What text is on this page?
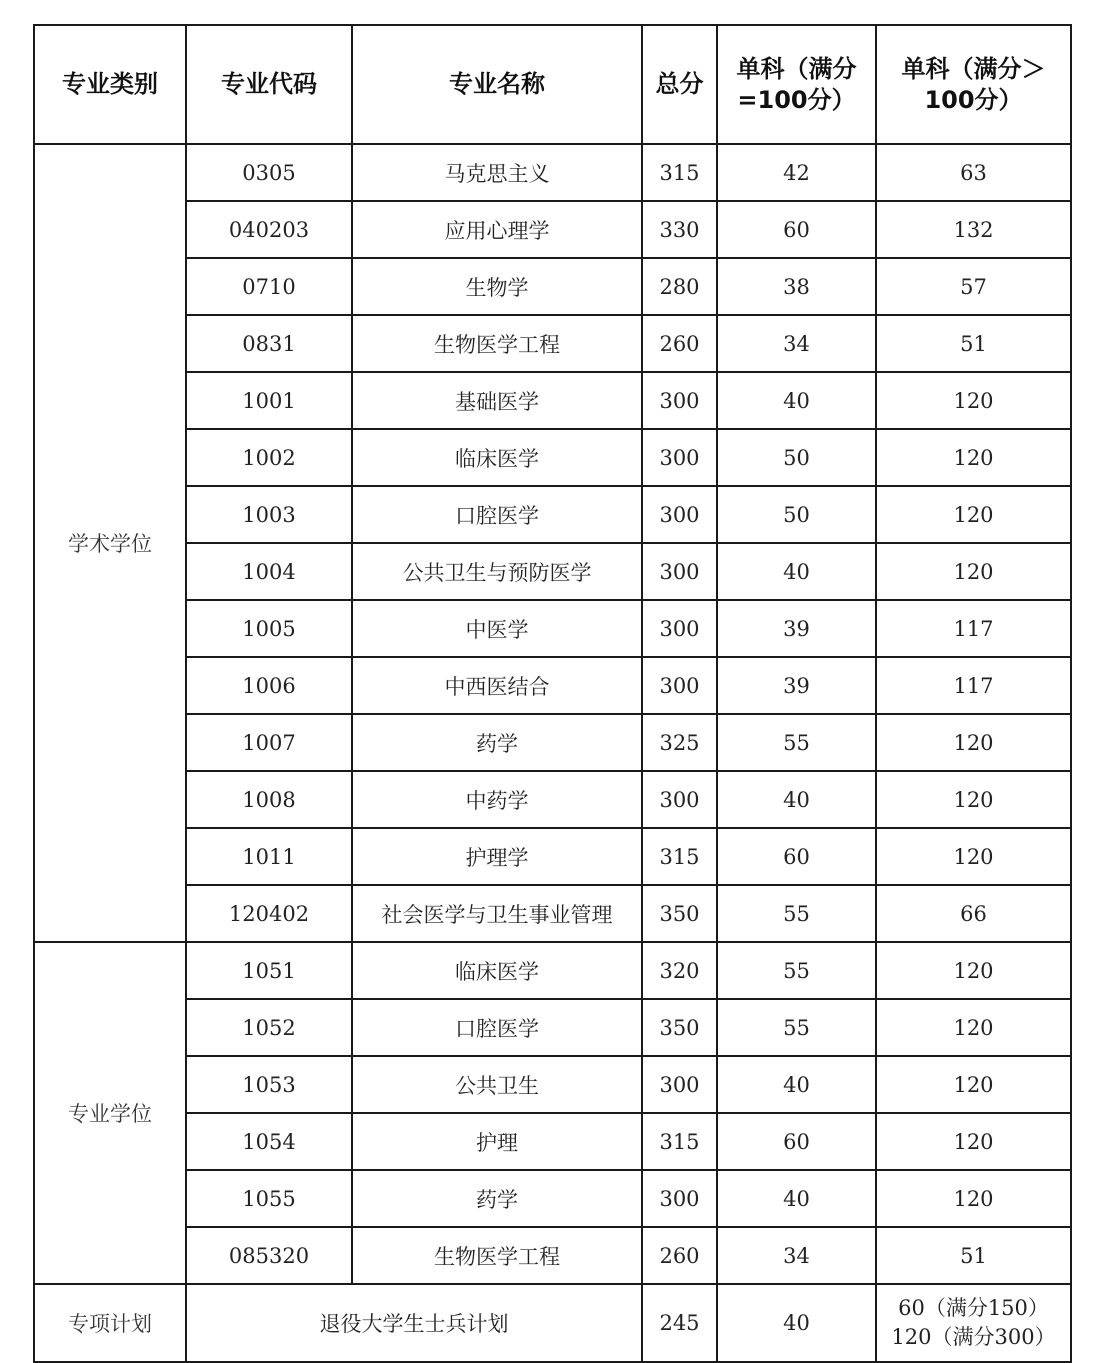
专业类别	专业代码	专业名称	总分	单科（满分=100分）	单科（满分＞100分）
学术学位	0305	马克思主义	315	42	63
	040203	应用心理学	330	60	132
	0710	生物学	280	38	57
	0831	生物医学工程	260	34	51
	1001	基础医学	300	40	120
	1002	临床医学	300	50	120
	1003	口腔医学	300	50	120
	1004	公共卫生与预防医学	300	40	120
	1005	中医学	300	39	117
	1006	中西医结合	300	39	117
	1007	药学	325	55	120
	1008	中药学	300	40	120
	1011	护理学	315	60	120
	120402	社会医学与卫生事业管理	350	55	66
专业学位	1051	临床医学	320	55	120
	1052	口腔医学	350	55	120
	1053	公共卫生	300	40	120
	1054	护理	315	60	120
	1055	药学	300	40	120
	085320	生物医学工程	260	34	51
专项计划	退役大学生士兵计划		245	40	60（满分150）
120（满分300）
